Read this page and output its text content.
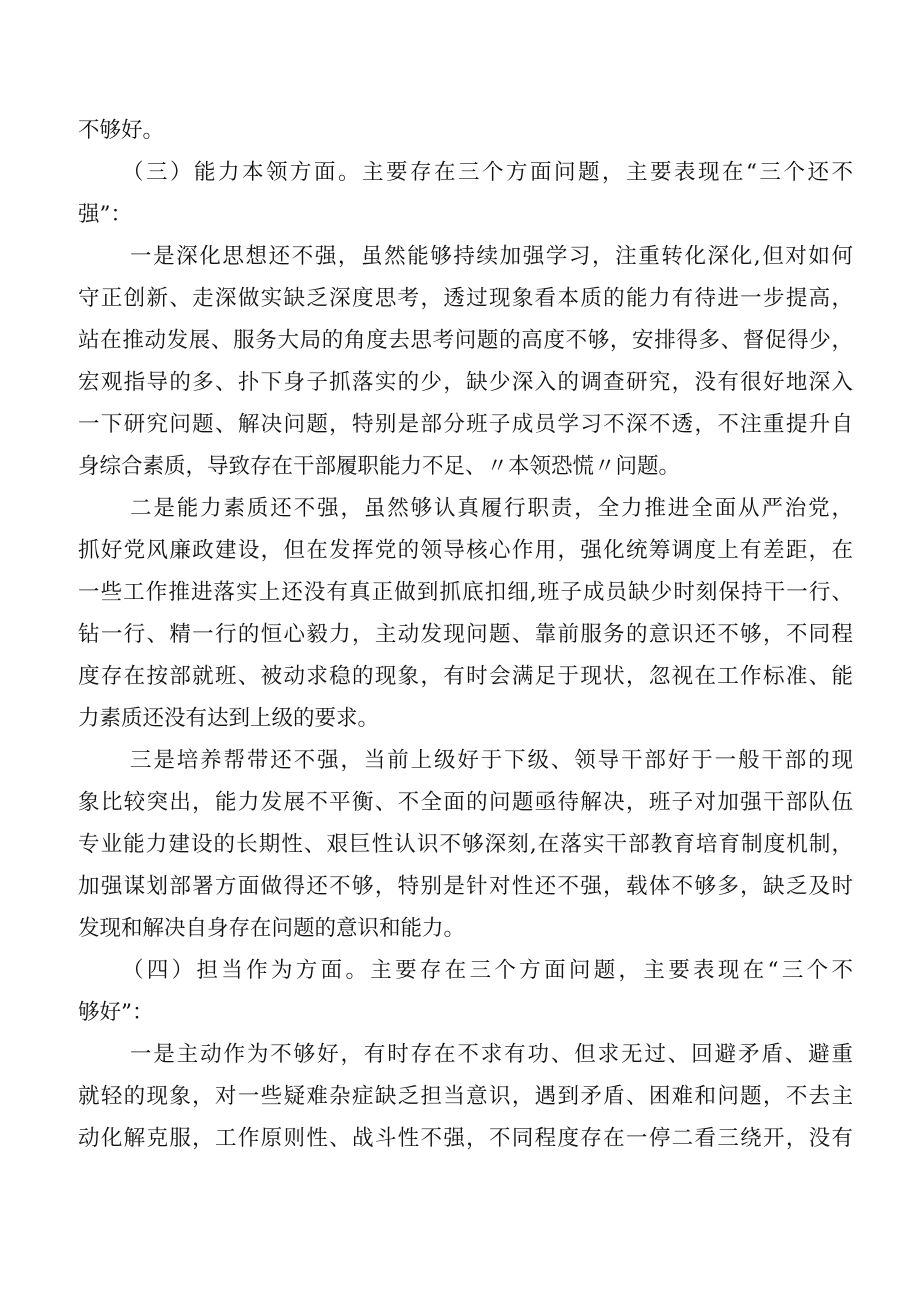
不够好。
（三）能力本领方面。主要存在三个方面问题，主要表现在“三个还不
强”：
一是深化思想还不强，虽然能够持续加强学习，注重转化深化,但对如何
守正创新、走深做实缺乏深度思考，透过现象看本质的能力有待进一步提高，
站在推动发展、服务大局的角度去思考问题的高度不够，安排得多、督促得少，
宏观指导的多、扑下身子抓落实的少，缺少深入的调查研究，没有很好地深入
一下研究问题、解决问题，特别是部分班子成员学习不深不透，不注重提升自
身综合素质，导致存在干部履职能力不足、〃本领恐慌〃问题。
二是能力素质还不强，虽然够认真履行职责，全力推进全面从严治党，
抓好党风廉政建设，但在发挥党的领导核心作用，强化统筹调度上有差距，在
一些工作推进落实上还没有真正做到抓底扣细,班子成员缺少时刻保持干一行、
钻一行、精一行的恒心毅力，主动发现问题、靠前服务的意识还不够，不同程
度存在按部就班、被动求稳的现象，有时会满足于现状，忽视在工作标准、能
力素质还没有达到上级的要求。
三是培养帮带还不强，当前上级好于下级、领导干部好于一般干部的现
象比较突出，能力发展不平衡、不全面的问题亟待解决，班子对加强干部队伍
专业能力建设的长期性、艰巨性认识不够深刻,在落实干部教育培育制度机制，
加强谋划部署方面做得还不够，特别是针对性还不强，载体不够多，缺乏及时
发现和解决自身存在问题的意识和能力。
（四）担当作为方面。主要存在三个方面问题，主要表现在“三个不
够好”：
一是主动作为不够好，有时存在不求有功、但求无过、回避矛盾、避重
就轻的现象，对一些疑难杂症缺乏担当意识，遇到矛盾、困难和问题，不去主
动化解克服，工作原则性、战斗性不强，不同程度存在一停二看三绕开，没有
